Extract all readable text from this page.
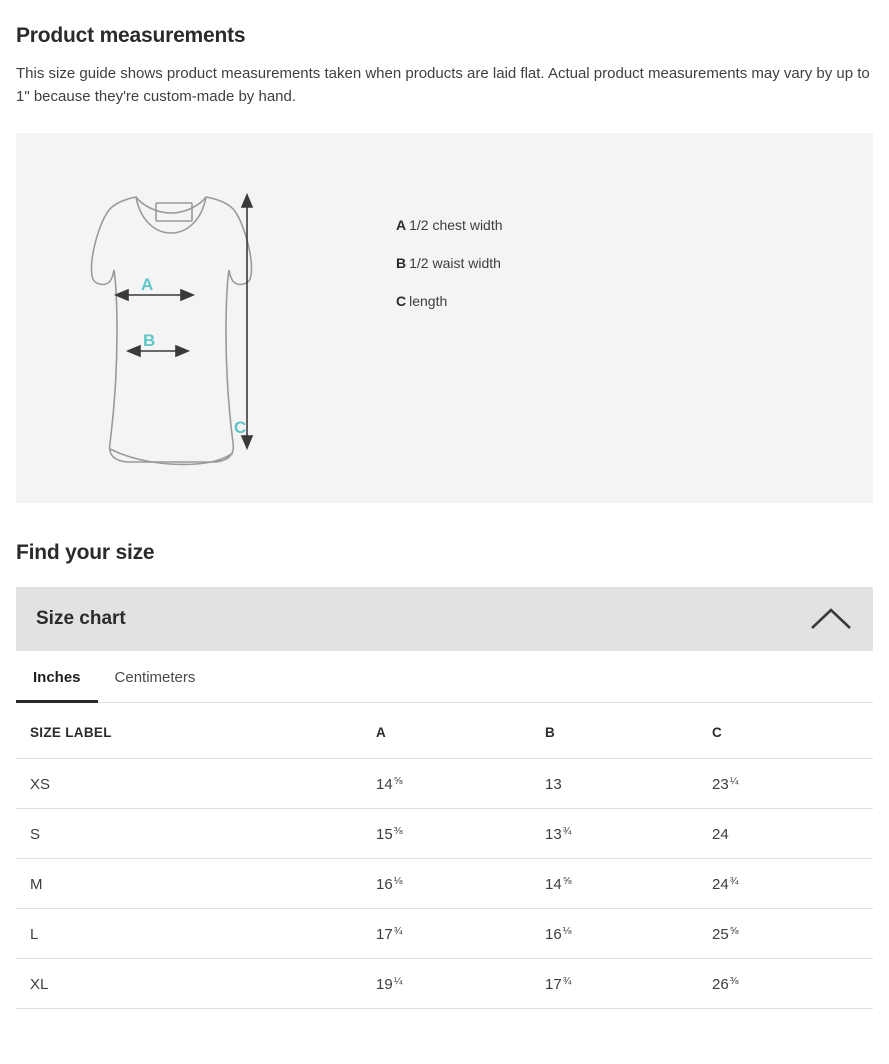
Product measurements

This size guide shows product measurements taken when products are laid flat. Actual product measurements may vary by up to 1" because they're custom-made by hand.

A
B
C
A 1/2 chest width
B 1/2 waist width
C length
Find your size
Size chart
Inches	Centimeters
SIZE LABEL	A	B	C
XS	$14^{\frac{5}{8}}$	13	$23^{\frac{1}{4}}$
S	$15^{\frac{3}{8}}$	$13^{\frac{3}{4}}$	24
M	$16^{\frac{1}{8}}$	$14^{\frac{5}{8}}$	$24^{\frac{3}{4}}$
L	$17^{\frac{3}{4}}$	$16^{\frac{1}{8}}$	$25^{\frac{5}{8}}$
XL	$19^{\frac{1}{4}}$	$17^{\frac{3}{4}}$	$26^{\frac{3}{8}}$
